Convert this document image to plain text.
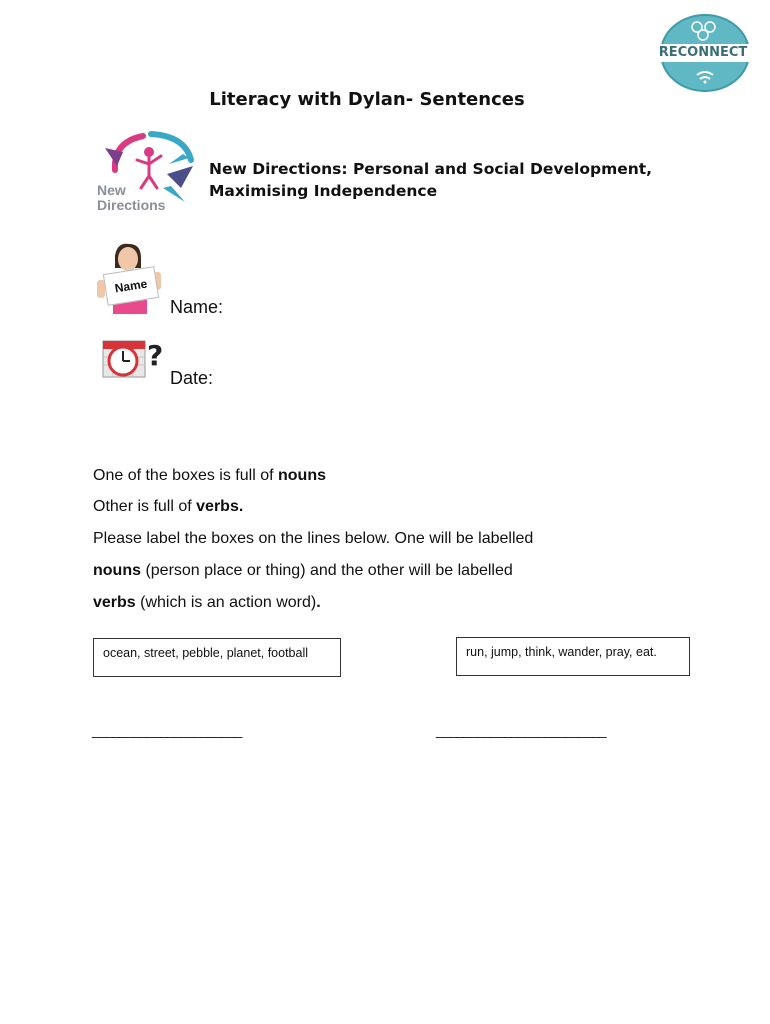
RECONNECT
Literacy with Dylan- Sentences
New
Directions
New Directions: Personal and Social Development,
Maximising Independence
Name
Name:
?
Date:
One of the boxes is full of nouns
Other is full of verbs.
Please label the boxes on the lines below. One will be labelled
nouns (person place or thing) and the other will be labelled
verbs (which is an action word).
ocean, street, pebble, planet, football	run, jump, think, wander, pray, eat.
______________________	_________________________
